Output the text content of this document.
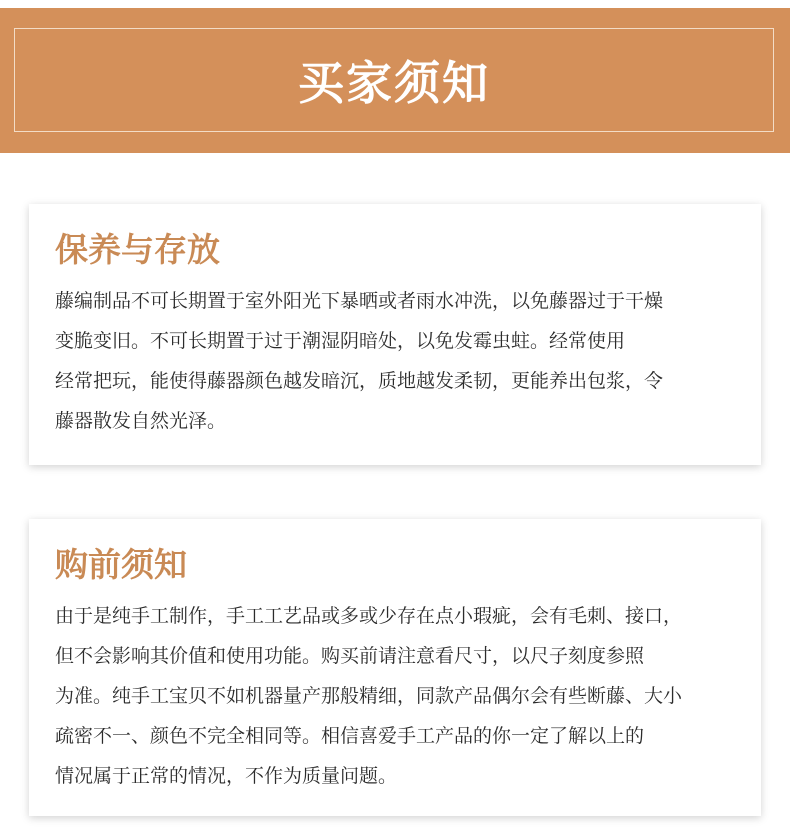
买家须知
保养与存放
藤编制品不可长期置于室外阳光下暴晒或者雨水冲洗，以免藤器过于干燥
变脆变旧。不可长期置于过于潮湿阴暗处，以免发霉虫蛀。经常使用
经常把玩，能使得藤器颜色越发暗沉，质地越发柔韧，更能养出包浆，令
藤器散发自然光泽。
购前须知
由于是纯手工制作，手工工艺品或多或少存在点小瑕疵，会有毛刺、接口，
但不会影响其价值和使用功能。购买前请注意看尺寸，以尺子刻度参照
为准。纯手工宝贝不如机器量产那般精细，同款产品偶尔会有些断藤、大小
疏密不一、颜色不完全相同等。相信喜爱手工产品的你一定了解以上的
情况属于正常的情况，不作为质量问题。
